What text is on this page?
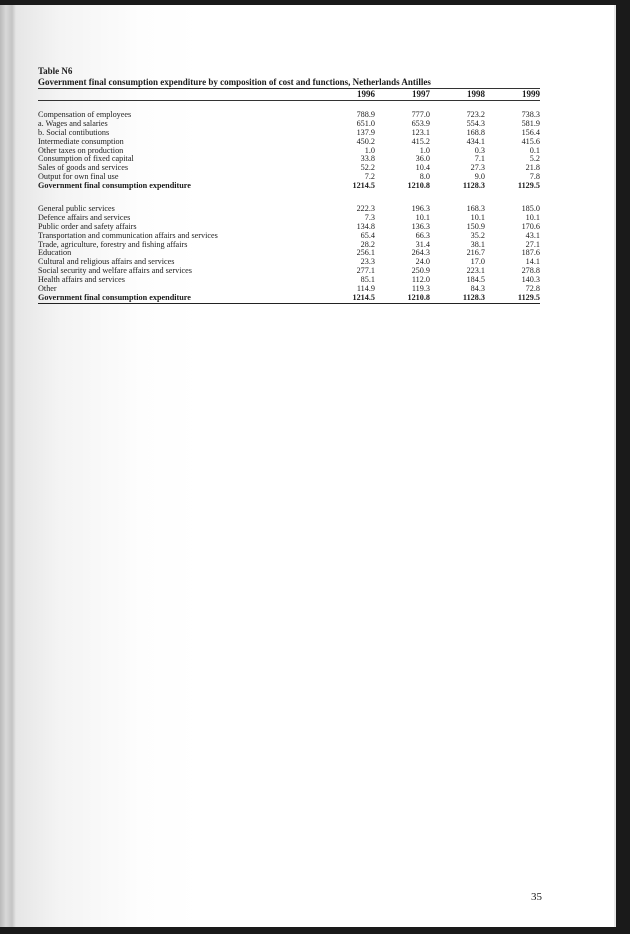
Table N6
Government final consumption expenditure by composition of cost and functions, Netherlands Antilles
1996	1997	1998	1999
Compensation of employees	788.9	777.0	723.2	738.3
a. Wages and salaries	651.0	653.9	554.3	581.9
b. Social contibutions	137.9	123.1	168.8	156.4
Intermediate consumption	450.2	415.2	434.1	415.6
Other taxes on production	1.0	1.0	0.3	0.1
Consumption of fixed capital	33.8	36.0	7.1	5.2
Sales of goods and services	52.2	10.4	27.3	21.8
Output for own final use	7.2	8.0	9.0	7.8
Government final consumption expenditure	1214.5	1210.8	1128.3	1129.5
General public services	222.3	196.3	168.3	185.0
Defence affairs and services	7.3	10.1	10.1	10.1
Public order and safety affairs	134.8	136.3	150.9	170.6
Transportation and communication affairs and services	65.4	66.3	35.2	43.1
Trade, agriculture, forestry and fishing affairs	28.2	31.4	38.1	27.1
Education	256.1	264.3	216.7	187.6
Cultural and religious affairs and services	23.3	24.0	17.0	14.1
Social security and welfare affairs and services	277.1	250.9	223.1	278.8
Health affairs and services	85.1	112.0	184.5	140.3
Other	114.9	119.3	84.3	72.8
Government final consumption expenditure	1214.5	1210.8	1128.3	1129.5
35
